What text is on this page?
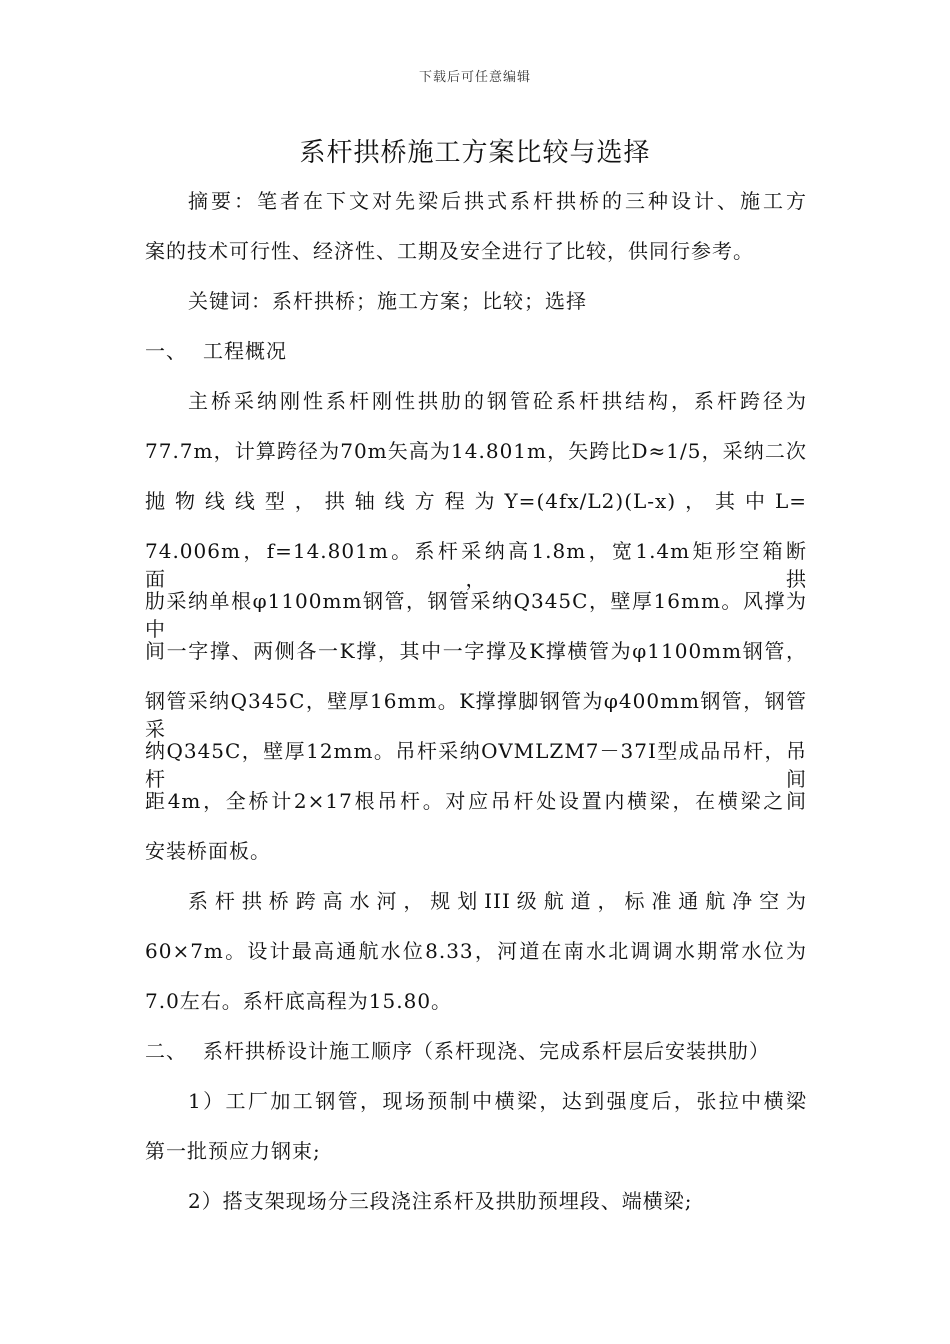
下载后可任意编辑
系杆拱桥施工方案比较与选择
摘要：笔者在下文对先梁后拱式系杆拱桥的三种设计、施工方
案的技术可行性、经济性、工期及安全进行了比较，供同行参考。
关键词：系杆拱桥；施工方案；比较；选择
一、 工程概况
主桥采纳刚性系杆刚性拱肋的钢管砼系杆拱结构，系杆跨径为
77.7m，计算跨径为70m矢高为14.801m，矢跨比D≈1/5，采纳二次
抛物线线型，拱轴线方程为Y=(4fx/L2)(L-x)，其中L=
74.006m，f=14.801m。系杆采纳高1.8m，宽1.4m矩形空箱断面，拱
肋采纳单根φ1100mm钢管，钢管采纳Q345C，壁厚16mm。风撑为中
间一字撑、两侧各一K撑，其中一字撑及K撑横管为φ1100mm钢管，
钢管采纳Q345C，壁厚16mm。K撑撑脚钢管为φ400mm钢管，钢管采
纳Q345C，壁厚12mm。吊杆采纳OVMLZM7－37I型成品吊杆，吊杆间
距4m，全桥计2×17根吊杆。对应吊杆处设置内横梁，在横梁之间
安装桥面板。
系杆拱桥跨高水河，规划III级航道，标准通航净空为
60×7m。设计最高通航水位8.33，河道在南水北调调水期常水位为
7.0左右。系杆底高程为15.80。
二、 系杆拱桥设计施工顺序（系杆现浇、完成系杆层后安装拱肋）
1）工厂加工钢管，现场预制中横梁，达到强度后，张拉中横梁
第一批预应力钢束;
2）搭支架现场分三段浇注系杆及拱肋预埋段、端横梁;
